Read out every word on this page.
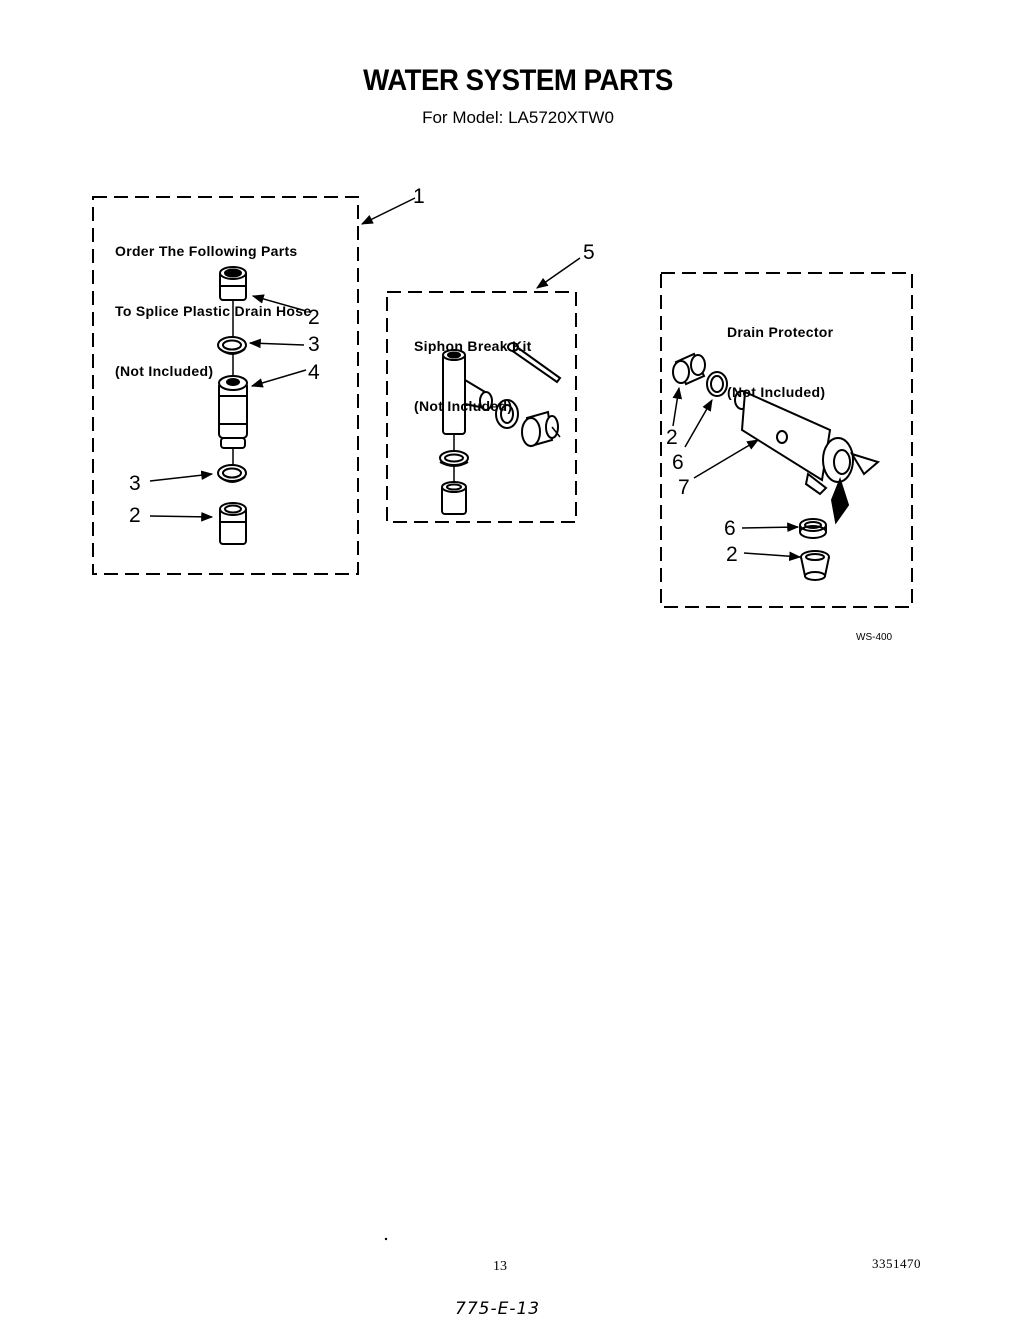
WATER SYSTEM PARTS
For Model: LA5720XTW0

Order The Following Parts

To Splice Plastic Drain Hose

(Not Included)

Siphon Break Kit

(Not Included)

Drain Protector

(Not Included)

1
5
2
3
4
3
2
2
6
7
6
2
WS-400
13	3351470
775-E-13
